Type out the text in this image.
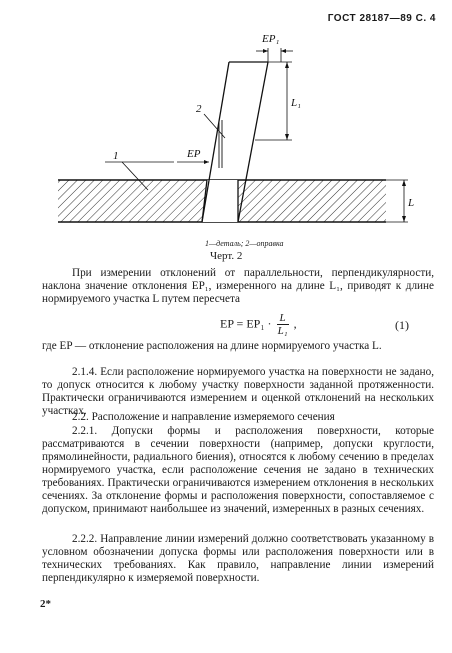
ГОСТ 28187—89 С. 4
EP₁
L₁
EP
L
1
2
1—деталь; 2—оправка
Черт. 2
При измерении отклонений от параллельности, перпендикулярности, наклона значение отклонения EP₁, измеренного на длине L₁, приводят к длине нормируемого участка L путем пересчета
EP = $EP_1 \cdot \frac{L}{\text{L₁}}$ ,	(1)
где EP — отклонение расположения на длине нормируемого участка L.
2.1.4. Если расположение нормируемого участка на поверхности не задано, то допуск относится к любому участку поверхности заданной протяженности. Практически ограничиваются измерением и оценкой отклонений на нескольких участках.
2.2. Расположение и направление измеряемого сечения
2.2.1. Допуски формы и расположения поверхности, которые рассматриваются в сечении поверхности (например, допуски круглости, прямолинейности, радиального биения), относятся к любому сечению в пределах нормируемого участка, если расположение сечения не задано в технических требованиях. Практически ограничиваются измерением отклонения в нескольких сечениях. За отклонение формы и расположения поверхности, сопоставляемое с допуском, принимают наибольшее из значений, измеренных в разных сечениях.
2.2.2. Направление линии измерений должно соответствовать указанному в условном обозначении допуска формы или расположения поверхности или в технических требованиях. Как правило, направление линии измерений перпендикулярно к измеряемой поверхности.
2*
